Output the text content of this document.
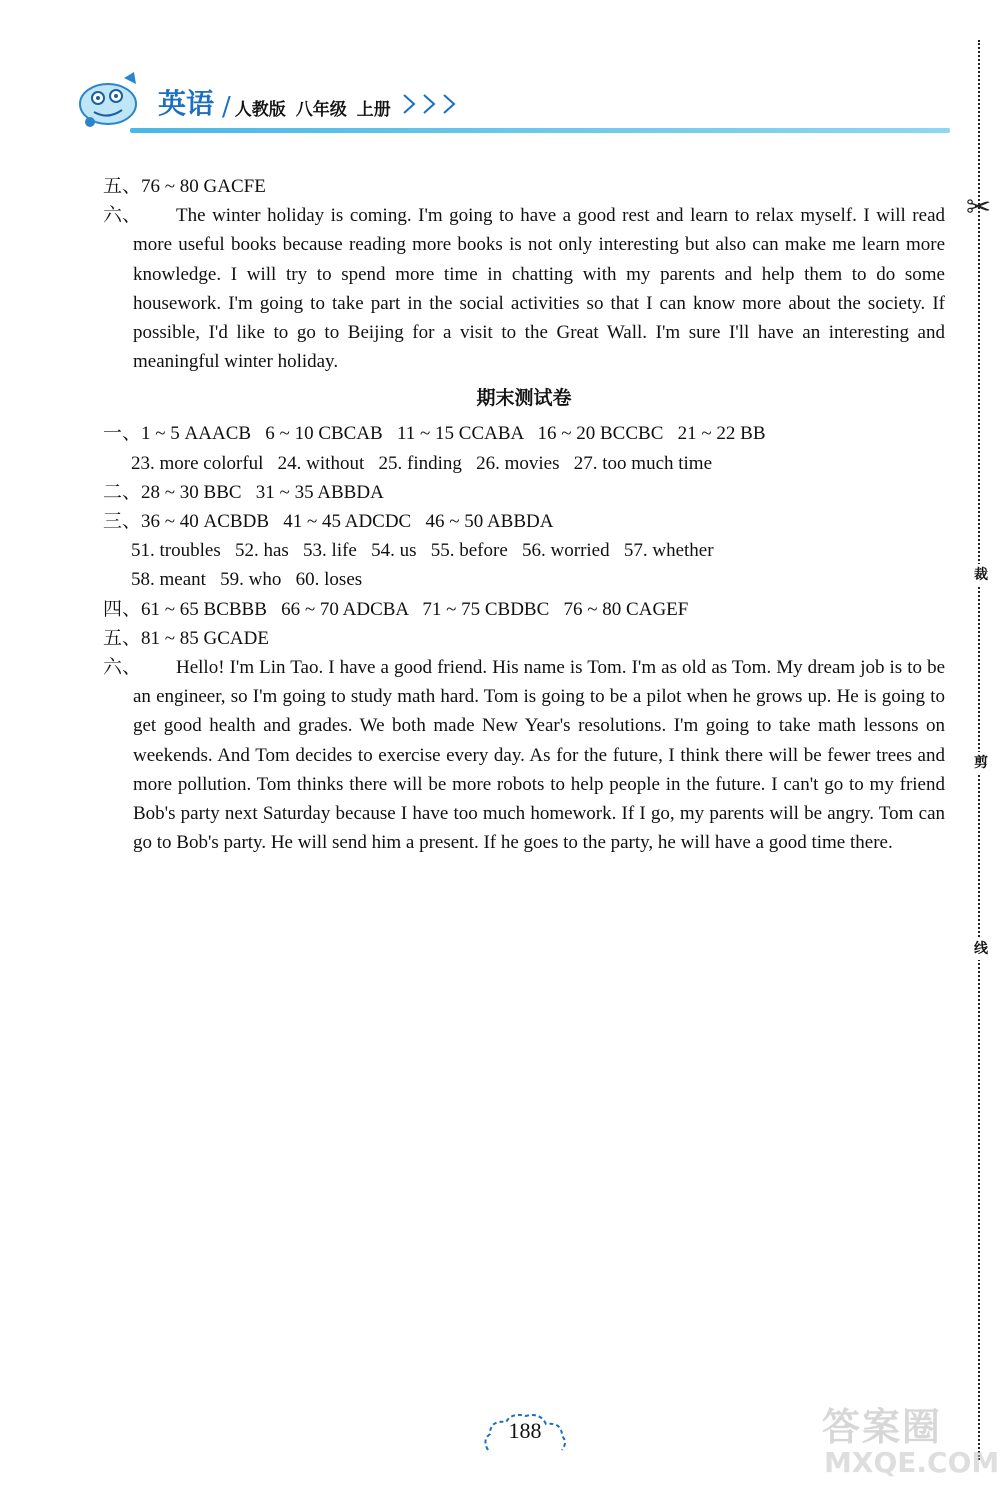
英语 / 人教版 八年级 上册
五、76 ~ 80 GACFE
六、	The winter holiday is coming. I'm going to have a good rest and learn to relax myself. I will read more useful books because reading more books is not only interesting but also can make me learn more knowledge. I will try to spend more time in chatting with my parents and help them to do some housework. I'm going to take part in the social activities so that I can know more about the society. If possible, I'd like to go to Beijing for a visit to the Great Wall. I'm sure I'll have an interesting and meaningful winter holiday.

期末测试卷
一、1 ~ 5 AAACB   6 ~ 10 CBCAB   11 ~ 15 CCABA   16 ~ 20 BCCBC   21 ~ 22 BB
23. more colorful   24. without   25. finding   26. movies   27. too much time
二、28 ~ 30 BBC   31 ~ 35 ABBDA
三、36 ~ 40 ACBDB   41 ~ 45 ADCDC   46 ~ 50 ABBDA
51. troubles   52. has   53. life   54. us   55. before   56. worried   57. whether
58. meant   59. who   60. loses
四、61 ~ 65 BCBBB   66 ~ 70 ADCBA   71 ~ 75 CBDBC   76 ~ 80 CAGEF
五、81 ~ 85 GCADE
六、	Hello! I'm Lin Tao. I have a good friend. His name is Tom. I'm as old as Tom. My dream job is to be an engineer, so I'm going to study math hard. Tom is going to be a pilot when he grows up. He is going to get good health and grades. We both made New Year's resolutions. I'm going to take math lessons on weekends. And Tom decides to exercise every day. As for the future, I think there will be fewer trees and more pollution. Tom thinks there will be more robots to help people in the future. I can't go to my friend Bob's party next Saturday because I have too much homework. If I go, my parents will be angry. Tom can go to Bob's party. He will send him a present. If he goes to the party, he will have a good time there.

✂
裁
剪
线
188	答案圈
MXQE.COM
